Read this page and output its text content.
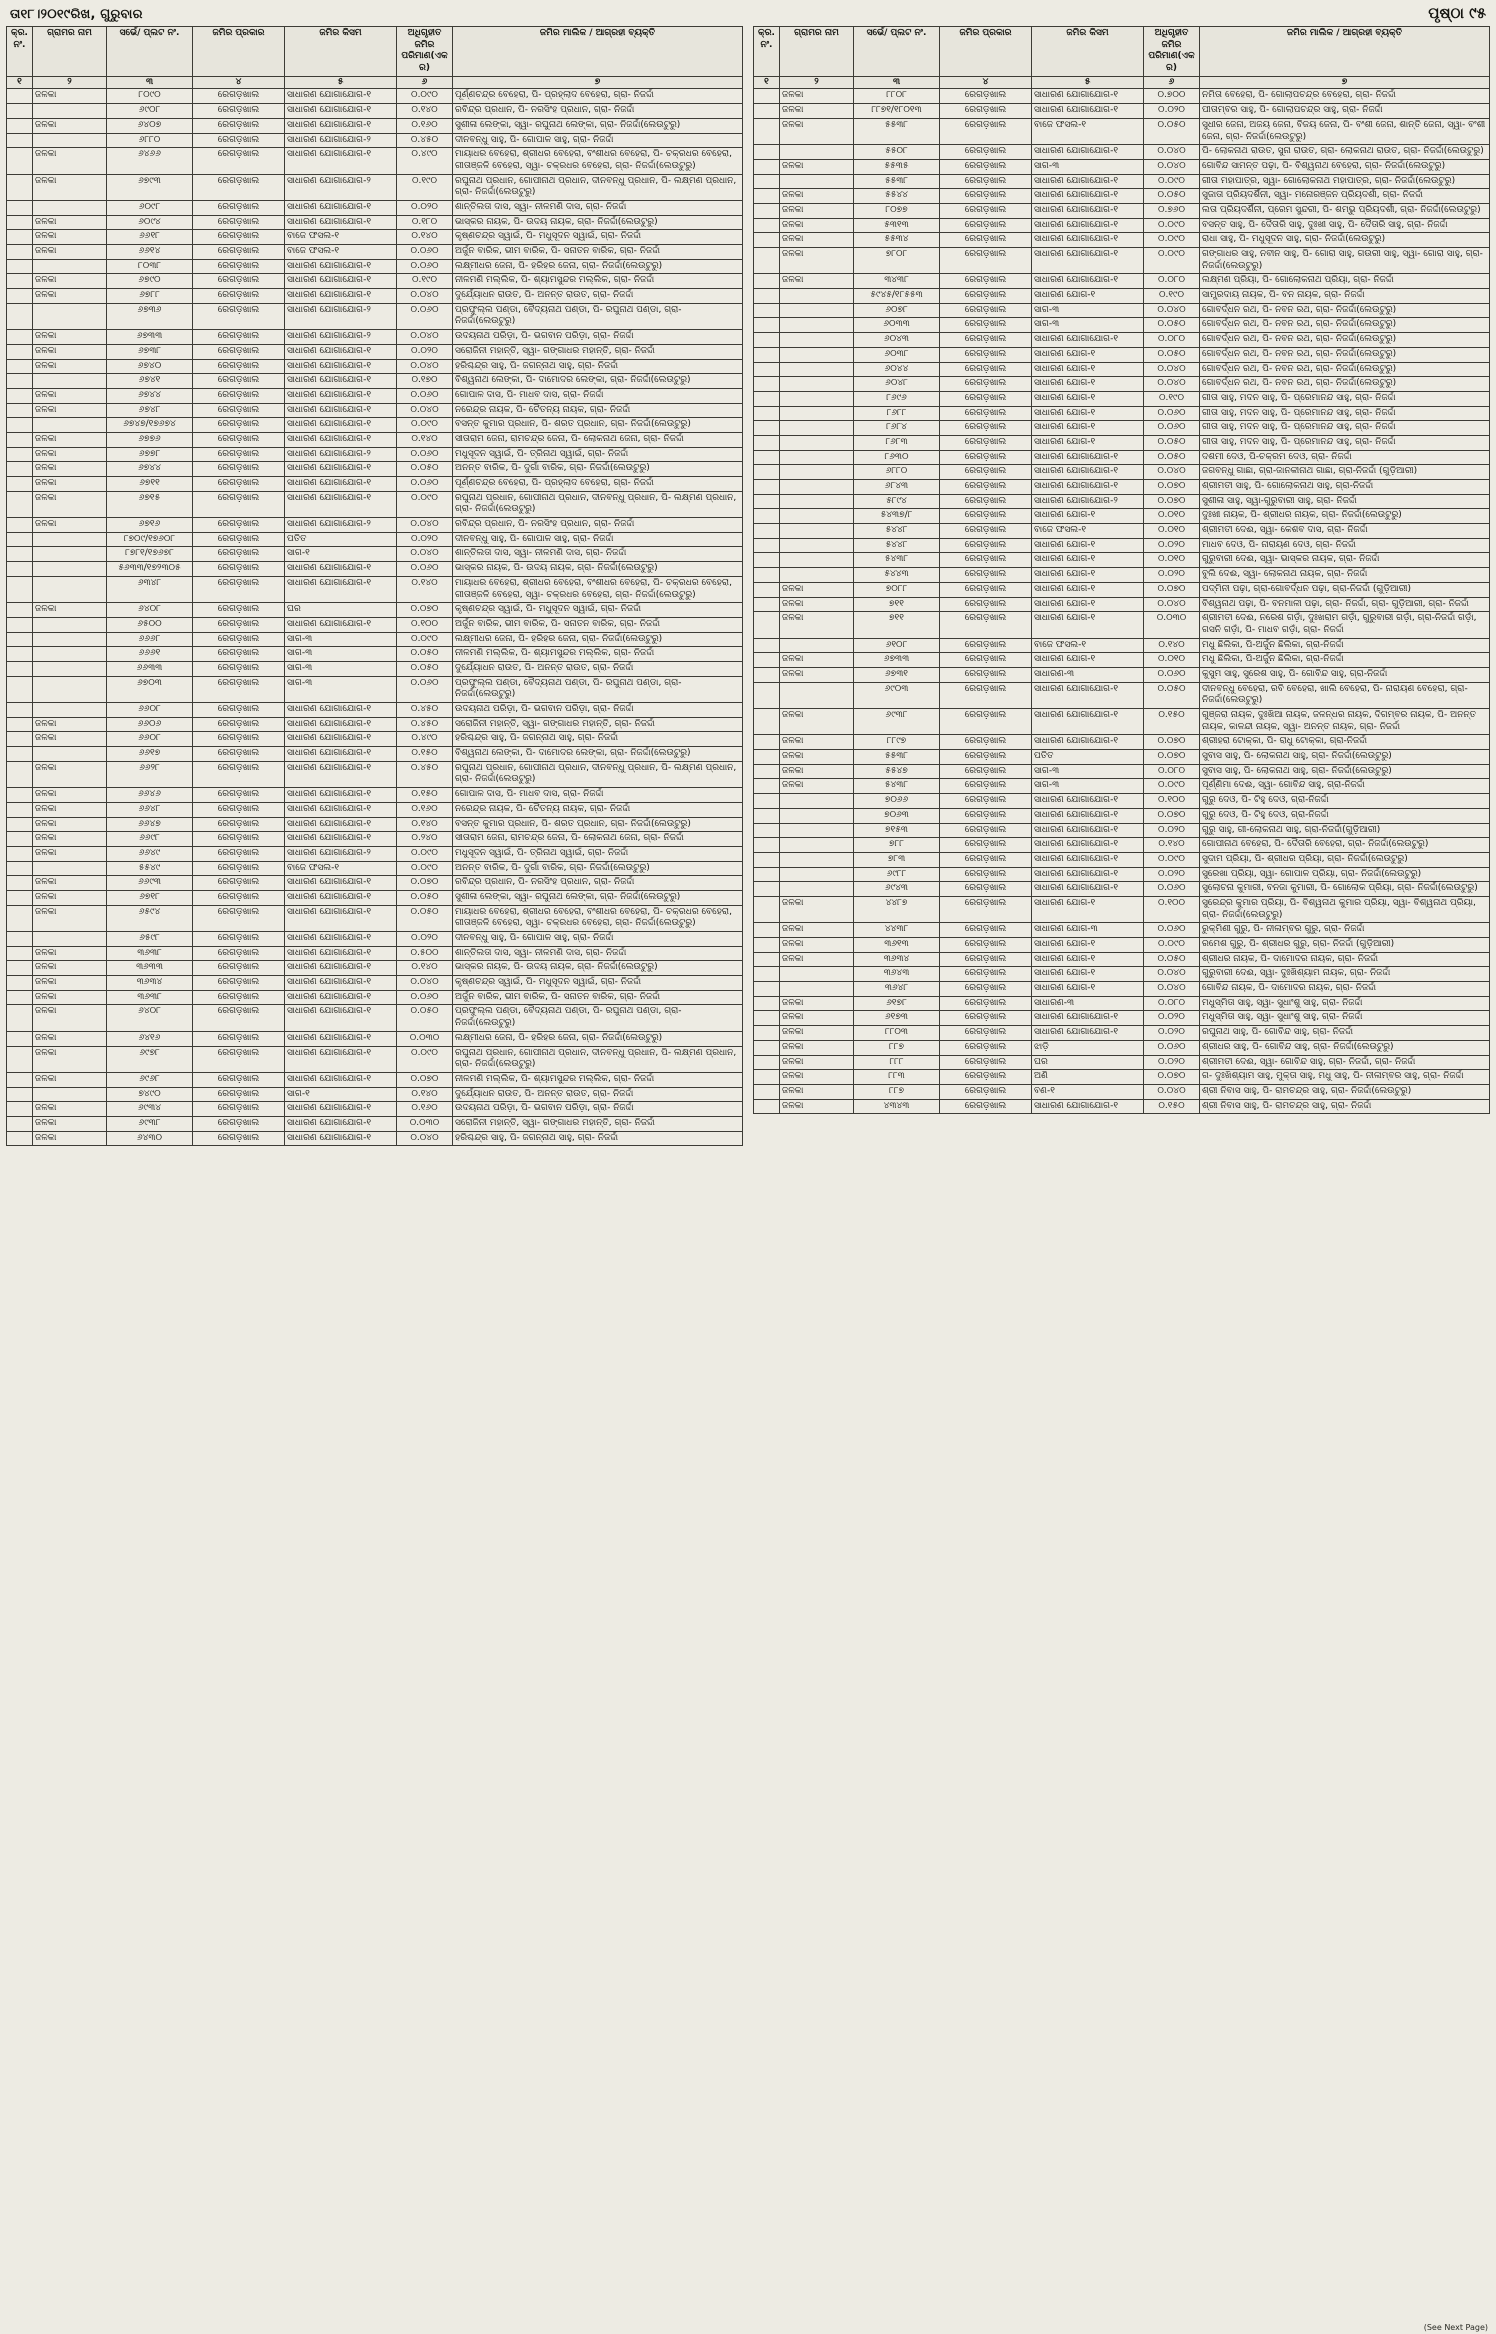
ତା୧୮।୨୦୧୯ରିଖ, ଗୁରୁବାର	ପୃଷ୍ଠା ୯୫
କ୍ର. ନଂ.	ଗ୍ରାମର ନାମ	ସର୍ଭେ/ ପ୍ଲଟ ନଂ.	ଜମିର ପ୍ରକାର	ଜମିର କିସମ	ଅଧିଗୃହୀତ ଜମିର ପରିମାଣ(ଏକର)	ଜମିର ମାଲିକ / ଆଗ୍ରହୀ ବ୍ୟକ୍ତି
୧	୨	୩	୪	୫	୬	୭
	ଜଳକା	୮୦୯୦	ରେଗଡ଼ଖାଲ	ସାଧାରଣ ଯୋଗାଯୋଗ-୧	୦.୦୯୦	ପୂର୍ଣ୍ଣଚନ୍ଦ୍ର ବେହେରା, ପି- ପ୍ରହ୍ଲାଦ ବେହେରା, ଗ୍ରା- ନିଜର୍ଦ୍ଦା
		୬୯୦୮	ରେଗଡ଼ଖାଲ	ସାଧାରଣ ଯୋଗାଯୋଗ-୧	୦.୧୪୦	ରବିନ୍ଦ୍ର ପ୍ରଧାନ, ପି- ନରସିଂହ ପ୍ରଧାନ, ଗ୍ରା- ନିଜର୍ଦ୍ଦା
	ଜଳକା	୬୪୦୭	ରେଗଡ଼ଖାଲ	ସାଧାରଣ ଯୋଗାଯୋଗ-୧	୦.୧୬୦	ସୁଶୀଳା ଲେଙ୍କା, ସ୍ୱା- ରଘୁନାଥ ଲେଙ୍କା, ଗ୍ରା- ନିଜର୍ଦ୍ଦା(ଲେଉଟୁରୁ)
		୬୮୮୦	ରେଗଡ଼ଖାଲ	ସାଧାରଣ ଯୋଗାଯୋଗ-୨	୦.୪୫୦	ଦୀନବନ୍ଧୁ ସାହୁ, ପି- ଗୋପାଳ ସାହୁ, ଗ୍ରା- ନିଜର୍ଦ୍ଦା
	ଜଳକା	୬୪୬୬	ରେଗଡ଼ଖାଲ	ସାଧାରଣ ଯୋଗାଯୋଗ-୧	୦.୪୯୦	ମାୟାଧର ବେହେରା, ଶ୍ରୀଧର ବେହେରା, ବଂଶୀଧର ବେହେରା, ପି- ଚକ୍ରଧର ବେହେରା, ଗୀତାଞ୍ଜଳି ବେହେରା, ସ୍ୱା- ଚକ୍ରଧର ବେହେରା, ଗ୍ରା- ନିଜର୍ଦ୍ଦା(ଲେଉଟୁରୁ)
	ଜଳକା	୬୭୯୩	ରେଗଡ଼ଖାଲ	ସାଧାରଣ ଯୋଗାଯୋଗ-୨	୦.୧୯୦	ରଘୁନାଥ ପ୍ରଧାନ, ଗୋପୀନାଥ ପ୍ରଧାନ, ଦୀନବନ୍ଧୁ ପ୍ରଧାନ, ପି- ଲକ୍ଷ୍ମଣ ପ୍ରଧାନ, ଗ୍ରା- ନିଜର୍ଦ୍ଦା(ଲେଉଟୁରୁ)
		୬୦୯୮	ରେଗଡ଼ଖାଲ	ସାଧାରଣ ଯୋଗାଯୋଗ-୧	୦.୦୨୦	ଶାନ୍ତିଲତା ଦାସ, ସ୍ୱା- ନୀଳମଣି ଦାସ, ଗ୍ରା- ନିଜର୍ଦ୍ଦା
	ଜଳକା	୬୦୯୪	ରେଗଡ଼ଖାଲ	ସାଧାରଣ ଯୋଗାଯୋଗ-୧	୦.୧୮୦	ଭାସ୍କର ନାୟକ, ପି- ଉଦୟ ନାୟକ, ଗ୍ରା- ନିଜର୍ଦ୍ଦା(ଲେଉଟୁରୁ)
	ଜଳକା	୬୬୧୮	ରେଗଡ଼ଖାଲ	ବାଜେ ଫସଲ-୧	୦.୧୪୦	କୃଷ୍ଣଚନ୍ଦ୍ର ସ୍ୱାଇଁ, ପି- ମଧୁସୂଦନ ସ୍ୱାଇଁ, ଗ୍ରା- ନିଜର୍ଦ୍ଦା
	ଜଳକା	୬୬୧୪	ରେଗଡ଼ଖାଲ	ବାଜେ ଫସଲ-୧	୦.୦୬୦	ଅର୍ଜୁନ ବାରିକ, ଭୀମ ବାରିକ, ପି- ସନାତନ ବାରିକ, ଗ୍ରା- ନିଜର୍ଦ୍ଦା
		୮୦୩୮	ରେଗଡ଼ଖାଲ	ସାଧାରଣ ଯୋଗାଯୋଗ-୧	୦.୦୬୦	ଲକ୍ଷ୍ମୀଧର ଜେନା, ପି- ହରିହର ଜେନା, ଗ୍ରା- ନିଜର୍ଦ୍ଦା(ଲେଉଟୁରୁ)
	ଜଳକା	୬୭୯୦	ରେଗଡ଼ଖାଲ	ସାଧାରଣ ଯୋଗାଯୋଗ-୧	୦.୧୯୦	ନୀଳମଣି ମଲ୍ଲିକ, ପି- ଶ୍ୟାମସୁନ୍ଦର ମଲ୍ଲିକ, ଗ୍ରା- ନିଜର୍ଦ୍ଦା
	ଜଳକା	୬୭୮୮	ରେଗଡ଼ଖାଲ	ସାଧାରଣ ଯୋଗାଯୋଗ-୧	୦.୦୪୦	ଦୁର୍ଯ୍ୟୋଧନ ରାଉତ, ପି- ଅନନ୍ତ ରାଉତ, ଗ୍ରା- ନିଜର୍ଦ୍ଦା
		୬୭୩୬	ରେଗଡ଼ଖାଲ	ସାଧାରଣ ଯୋଗାଯୋଗ-୨	୦.୦୬୦	ପ୍ରଫୁଲ୍ଲ ପଣ୍ଡା, ବୈଦ୍ୟନାଥ ପଣ୍ଡା, ପି- ରଘୁନାଥ ପଣ୍ଡା, ଗ୍ରା- ନିଜର୍ଦ୍ଦା(ଲେଉଟୁରୁ)
	ଜଳକା	୬୭୩୩	ରେଗଡ଼ଖାଲ	ସାଧାରଣ ଯୋଗାଯୋଗ-୨	୦.୦୪୦	ଉଦୟନାଥ ପରିଡ଼ା, ପି- ଭଗବାନ ପରିଡ଼ା, ଗ୍ରା- ନିଜର୍ଦ୍ଦା
	ଜଳକା	୬୭୩୮	ରେଗଡ଼ଖାଲ	ସାଧାରଣ ଯୋଗାଯୋଗ-୧	୦.୦୨୦	ସରୋଜିନୀ ମହାନ୍ତି, ସ୍ୱା- ଗଙ୍ଗାଧର ମହାନ୍ତି, ଗ୍ରା- ନିଜର୍ଦ୍ଦା
	ଜଳକା	୬୭୪୦	ରେଗଡ଼ଖାଲ	ସାଧାରଣ ଯୋଗାଯୋଗ-୧	୦.୦୪୦	ହରିଶ୍ଚନ୍ଦ୍ର ସାହୁ, ପି- ଜଗନ୍ନାଥ ସାହୁ, ଗ୍ରା- ନିଜର୍ଦ୍ଦା
		୬୭୪୧	ରେଗଡ଼ଖାଲ	ସାଧାରଣ ଯୋଗାଯୋଗ-୧	୦.୧୭୦	ବିଶ୍ୱନାଥ ଲେଙ୍କା, ପି- ଦାମୋଦର ଲେଙ୍କା, ଗ୍ରା- ନିଜର୍ଦ୍ଦା(ଲେଉଟୁରୁ)
	ଜଳକା	୬୭୪୪	ରେଗଡ଼ଖାଲ	ସାଧାରଣ ଯୋଗାଯୋଗ-୧	୦.୦୬୦	ଗୋପାଳ ଦାସ, ପି- ମାଧବ ଦାସ, ଗ୍ରା- ନିଜର୍ଦ୍ଦା
	ଜଳକା	୬୭୪୮	ରେଗଡ଼ଖାଲ	ସାଧାରଣ ଯୋଗାଯୋଗ-୧	୦.୦୪୦	ନରେନ୍ଦ୍ର ନାୟକ, ପି- ଚୈତନ୍ୟ ନାୟକ, ଗ୍ରା- ନିଜର୍ଦ୍ଦା
		୬୭୪୭/୧୭୬୭୪	ରେଗଡ଼ଖାଲ	ସାଧାରଣ ଯୋଗାଯୋଗ-୧	୦.୦୯୦	ବସନ୍ତ କୁମାର ପ୍ରଧାନ, ପି- ଶରତ ପ୍ରଧାନ, ଗ୍ରା- ନିଜର୍ଦ୍ଦା(ଲେଉଟୁରୁ)
	ଜଳକା	୬୭୭୬	ରେଗଡ଼ଖାଲ	ସାଧାରଣ ଯୋଗାଯୋଗ-୧	୦.୧୪୦	ସୀତାରାମ ଜେନା, ରାମଚନ୍ଦ୍ର ଜେନା, ପି- ଲୋକନାଥ ଜେନା, ଗ୍ରା- ନିଜର୍ଦ୍ଦା
	ଜଳକା	୬୭୭୮	ରେଗଡ଼ଖାଲ	ସାଧାରଣ ଯୋଗାଯୋଗ-୨	୦.୦୬୦	ମଧୁସୂଦନ ସ୍ୱାଇଁ, ପି- ତ୍ରିନାଥ ସ୍ୱାଇଁ, ଗ୍ରା- ନିଜର୍ଦ୍ଦା
	ଜଳକା	୬୭୪୪	ରେଗଡ଼ଖାଲ	ସାଧାରଣ ଯୋଗାଯୋଗ-୧	୦.୦୫୦	ଅନନ୍ତ ବାରିକ, ପି- ଦୁର୍ଗା ବାରିକ, ଗ୍ରା- ନିଜର୍ଦ୍ଦା(ଲେଉଟୁରୁ)
	ଜଳକା	୬୭୧୧	ରେଗଡ଼ଖାଲ	ସାଧାରଣ ଯୋଗାଯୋଗ-୧	୦.୦୬୦	ପୂର୍ଣ୍ଣଚନ୍ଦ୍ର ବେହେରା, ପି- ପ୍ରହ୍ଲାଦ ବେହେରା, ଗ୍ରା- ନିଜର୍ଦ୍ଦା
	ଜଳକା	୬୭୧୫	ରେଗଡ଼ଖାଲ	ସାଧାରଣ ଯୋଗାଯୋଗ-୧	୦.୦୯୦	ରଘୁନାଥ ପ୍ରଧାନ, ଗୋପୀନାଥ ପ୍ରଧାନ, ଦୀନବନ୍ଧୁ ପ୍ରଧାନ, ପି- ଲକ୍ଷ୍ମଣ ପ୍ରଧାନ, ଗ୍ରା- ନିଜର୍ଦ୍ଦା(ଲେଉଟୁରୁ)
	ଜଳକା	୬୭୧୬	ରେଗଡ଼ଖାଲ	ସାଧାରଣ ଯୋଗାଯୋଗ-୨	୦.୦୪୦	ରବିନ୍ଦ୍ର ପ୍ରଧାନ, ପି- ନରସିଂହ ପ୍ରଧାନ, ଗ୍ରା- ନିଜର୍ଦ୍ଦା
		୮୭୦୯/୧୭୬୦୮	ରେଗଡ଼ଖାଲ	ପତିତ	୦.୦୨୦	ଦୀନବନ୍ଧୁ ସାହୁ, ପି- ଗୋପାଳ ସାହୁ, ଗ୍ରା- ନିଜର୍ଦ୍ଦା
		୮୭୮୧/୧୭୬୭୮	ରେଗଡ଼ଖାଲ	ସାଗ-୧	୦.୦୪୦	ଶାନ୍ତିଲତା ଦାସ, ସ୍ୱା- ନୀଳମଣି ଦାସ, ଗ୍ରା- ନିଜର୍ଦ୍ଦା
		୫୬୩୩/୧୭୨୩୦୫	ରେଗଡ଼ଖାଲ	ସାଧାରଣ ଯୋଗାଯୋଗ-୧	୦.୦୬୦	ଭାସ୍କର ନାୟକ, ପି- ଉଦୟ ନାୟକ, ଗ୍ରା- ନିଜର୍ଦ୍ଦା(ଲେଉଟୁରୁ)
		୬୩୪୮	ରେଗଡ଼ଖାଲ	ସାଧାରଣ ଯୋଗାଯୋଗ-୧	୦.୧୪୦	ମାୟାଧର ବେହେରା, ଶ୍ରୀଧର ବେହେରା, ବଂଶୀଧର ବେହେରା, ପି- ଚକ୍ରଧର ବେହେରା, ଗୀତାଞ୍ଜଳି ବେହେରା, ସ୍ୱା- ଚକ୍ରଧର ବେହେରା, ଗ୍ରା- ନିଜର୍ଦ୍ଦା(ଲେଉଟୁରୁ)
	ଜଳକା	୬୪୦୮	ରେଗଡ଼ଖାଲ	ଘର	୦.୦୭୦	କୃଷ୍ଣଚନ୍ଦ୍ର ସ୍ୱାଇଁ, ପି- ମଧୁସୂଦନ ସ୍ୱାଇଁ, ଗ୍ରା- ନିଜର୍ଦ୍ଦା
		୬୫୦୦	ରେଗଡ଼ଖାଲ	ସାଧାରଣ ଯୋଗାଯୋଗ-୧	୦.୧୦୦	ଅର୍ଜୁନ ବାରିକ, ଭୀମ ବାରିକ, ପି- ସନାତନ ବାରିକ, ଗ୍ରା- ନିଜର୍ଦ୍ଦା
		୬୬୬୮	ରେଗଡ଼ଖାଲ	ସାଗ-୩	୦.୦୯୦	ଲକ୍ଷ୍ମୀଧର ଜେନା, ପି- ହରିହର ଜେନା, ଗ୍ରା- ନିଜର୍ଦ୍ଦା(ଲେଉଟୁରୁ)
		୬୬୬୧	ରେଗଡ଼ଖାଲ	ସାଗ-୩	୦.୦୫୦	ନୀଳମଣି ମଲ୍ଲିକ, ପି- ଶ୍ୟାମସୁନ୍ଦର ମଲ୍ଲିକ, ଗ୍ରା- ନିଜର୍ଦ୍ଦା
		୬୬୩୩	ରେଗଡ଼ଖାଲ	ସାଗ-୩	୦.୦୫୦	ଦୁର୍ଯ୍ୟୋଧନ ରାଉତ, ପି- ଅନନ୍ତ ରାଉତ, ଗ୍ରା- ନିଜର୍ଦ୍ଦା
		୬୭୦୩	ରେଗଡ଼ଖାଲ	ସାଗ-୩	୦.୦୬୦	ପ୍ରଫୁଲ୍ଲ ପଣ୍ଡା, ବୈଦ୍ୟନାଥ ପଣ୍ଡା, ପି- ରଘୁନାଥ ପଣ୍ଡା, ଗ୍ରା- ନିଜର୍ଦ୍ଦା(ଲେଉଟୁରୁ)
		୬୬୦୮	ରେଗଡ଼ଖାଲ	ସାଧାରଣ ଯୋଗାଯୋଗ-୧	୦.୪୫୦	ଉଦୟନାଥ ପରିଡ଼ା, ପି- ଭଗବାନ ପରିଡ଼ା, ଗ୍ରା- ନିଜର୍ଦ୍ଦା
	ଜଳକା	୬୬୦୬	ରେଗଡ଼ଖାଲ	ସାଧାରଣ ଯୋଗାଯୋଗ-୧	୦.୪୫୦	ସରୋଜିନୀ ମହାନ୍ତି, ସ୍ୱା- ଗଙ୍ଗାଧର ମହାନ୍ତି, ଗ୍ରା- ନିଜର୍ଦ୍ଦା
	ଜଳକା	୬୬୦୮	ରେଗଡ଼ଖାଲ	ସାଧାରଣ ଯୋଗାଯୋଗ-୧	୦.୪୯୦	ହରିଶ୍ଚନ୍ଦ୍ର ସାହୁ, ପି- ଜଗନ୍ନାଥ ସାହୁ, ଗ୍ରା- ନିଜର୍ଦ୍ଦା
		୬୬୧୭	ରେଗଡ଼ଖାଲ	ସାଧାରଣ ଯୋଗାଯୋଗ-୧	୦.୧୫୦	ବିଶ୍ୱନାଥ ଲେଙ୍କା, ପି- ଦାମୋଦର ଲେଙ୍କା, ଗ୍ରା- ନିଜର୍ଦ୍ଦା(ଲେଉଟୁରୁ)
	ଜଳକା	୬୬୨୮	ରେଗଡ଼ଖାଲ	ସାଧାରଣ ଯୋଗାଯୋଗ-୧	୦.୪୫୦	ରଘୁନାଥ ପ୍ରଧାନ, ଗୋପୀନାଥ ପ୍ରଧାନ, ଦୀନବନ୍ଧୁ ପ୍ରଧାନ, ପି- ଲକ୍ଷ୍ମଣ ପ୍ରଧାନ, ଗ୍ରା- ନିଜର୍ଦ୍ଦା(ଲେଉଟୁରୁ)
	ଜଳକା	୬୬୪୬	ରେଗଡ଼ଖାଲ	ସାଧାରଣ ଯୋଗାଯୋଗ-୧	୦.୧୫୦	ଗୋପାଳ ଦାସ, ପି- ମାଧବ ଦାସ, ଗ୍ରା- ନିଜର୍ଦ୍ଦା
	ଜଳକା	୬୬୪୮	ରେଗଡ଼ଖାଲ	ସାଧାରଣ ଯୋଗାଯୋଗ-୧	୦.୧୬୦	ନରେନ୍ଦ୍ର ନାୟକ, ପି- ଚୈତନ୍ୟ ନାୟକ, ଗ୍ରା- ନିଜର୍ଦ୍ଦା
	ଜଳକା	୬୬୪୭	ରେଗଡ଼ଖାଲ	ସାଧାରଣ ଯୋଗାଯୋଗ-୧	୦.୧୪୦	ବସନ୍ତ କୁମାର ପ୍ରଧାନ, ପି- ଶରତ ପ୍ରଧାନ, ଗ୍ରା- ନିଜର୍ଦ୍ଦା(ଲେଉଟୁରୁ)
	ଜଳକା	୬୬୯୮	ରେଗଡ଼ଖାଲ	ସାଧାରଣ ଯୋଗାଯୋଗ-୧	୦.୨୪୦	ସୀତାରାମ ଜେନା, ରାମଚନ୍ଦ୍ର ଜେନା, ପି- ଲୋକନାଥ ଜେନା, ଗ୍ରା- ନିଜର୍ଦ୍ଦା
	ଜଳକା	୬୬୪୯	ରେଗଡ଼ଖାଲ	ସାଧାରଣ ଯୋଗାଯୋଗ-୨	୦.୦୯୦	ମଧୁସୂଦନ ସ୍ୱାଇଁ, ପି- ତ୍ରିନାଥ ସ୍ୱାଇଁ, ଗ୍ରା- ନିଜର୍ଦ୍ଦା
		୫୫୪୯	ରେଗଡ଼ଖାଲ	ବାଜେ ଫସଲ-୧	୦.୦୯୦	ଅନନ୍ତ ବାରିକ, ପି- ଦୁର୍ଗା ବାରିକ, ଗ୍ରା- ନିଜର୍ଦ୍ଦା(ଲେଉଟୁରୁ)
	ଜଳକା	୬୬୯୩	ରେଗଡ଼ଖାଲ	ସାଧାରଣ ଯୋଗାଯୋଗ-୧	୦.୦୭୦	ରବିନ୍ଦ୍ର ପ୍ରଧାନ, ପି- ନରସିଂହ ପ୍ରଧାନ, ଗ୍ରା- ନିଜର୍ଦ୍ଦା
	ଜଳକା	୬୭୧୮	ରେଗଡ଼ଖାଲ	ସାଧାରଣ ଯୋଗାଯୋଗ-୧	୦.୦୫୦	ସୁଶୀଳା ଲେଙ୍କା, ସ୍ୱା- ରଘୁନାଥ ଲେଙ୍କା, ଗ୍ରା- ନିଜର୍ଦ୍ଦା(ଲେଉଟୁରୁ)
	ଜଳକା	୬୫୯୪	ରେଗଡ଼ଖାଲ	ସାଧାରଣ ଯୋଗାଯୋଗ-୧	୦.୦୫୦	ମାୟାଧର ବେହେରା, ଶ୍ରୀଧର ବେହେରା, ବଂଶୀଧର ବେହେରା, ପି- ଚକ୍ରଧର ବେହେରା, ଗୀତାଞ୍ଜଳି ବେହେରା, ସ୍ୱା- ଚକ୍ରଧର ବେହେରା, ଗ୍ରା- ନିଜର୍ଦ୍ଦା(ଲେଉଟୁରୁ)
		୬୫୯୮	ରେଗଡ଼ଖାଲ	ସାଧାରଣ ଯୋଗାଯୋଗ-୧	୦.୦୨୦	ଦୀନବନ୍ଧୁ ସାହୁ, ପି- ଗୋପାଳ ସାହୁ, ଗ୍ରା- ନିଜର୍ଦ୍ଦା
	ଜଳକା	୩୬୩୮	ରେଗଡ଼ଖାଲ	ସାଧାରଣ ଯୋଗାଯୋଗ-୧	୦.୫୦୦	ଶାନ୍ତିଲତା ଦାସ, ସ୍ୱା- ନୀଳମଣି ଦାସ, ଗ୍ରା- ନିଜର୍ଦ୍ଦା
	ଜଳକା	୩୬୩୩	ରେଗଡ଼ଖାଲ	ସାଧାରଣ ଯୋଗାଯୋଗ-୧	୦.୧୪୦	ଭାସ୍କର ନାୟକ, ପି- ଉଦୟ ନାୟକ, ଗ୍ରା- ନିଜର୍ଦ୍ଦା(ଲେଉଟୁରୁ)
	ଜଳକା	୩୬୩୪	ରେଗଡ଼ଖାଲ	ସାଧାରଣ ଯୋଗାଯୋଗ-୧	୦.୦୪୦	କୃଷ୍ଣଚନ୍ଦ୍ର ସ୍ୱାଇଁ, ପି- ମଧୁସୂଦନ ସ୍ୱାଇଁ, ଗ୍ରା- ନିଜର୍ଦ୍ଦା
	ଜଳକା	୩୬୩୮	ରେଗଡ଼ଖାଲ	ସାଧାରଣ ଯୋଗାଯୋଗ-୧	୦.୦୬୦	ଅର୍ଜୁନ ବାରିକ, ଭୀମ ବାରିକ, ପି- ସନାତନ ବାରିକ, ଗ୍ରା- ନିଜର୍ଦ୍ଦା
	ଜଳକା	୬୪୦୮	ରେଗଡ଼ଖାଲ	ସାଧାରଣ ଯୋଗାଯୋଗ-୧	୦.୦୫୦	ପ୍ରଫୁଲ୍ଲ ପଣ୍ଡା, ବୈଦ୍ୟନାଥ ପଣ୍ଡା, ପି- ରଘୁନାଥ ପଣ୍ଡା, ଗ୍ରା- ନିଜର୍ଦ୍ଦା(ଲେଉଟୁରୁ)
	ଜଳକା	୬୪୧୬	ରେଗଡ଼ଖାଲ	ସାଧାରଣ ଯୋଗାଯୋଗ-୧	୦.୦୩୦	ଲକ୍ଷ୍ମୀଧର ଜେନା, ପି- ହରିହର ଜେନା, ଗ୍ରା- ନିଜର୍ଦ୍ଦା(ଲେଉଟୁରୁ)
	ଜଳକା	୬୯୭୮	ରେଗଡ଼ଖାଲ	ସାଧାରଣ ଯୋଗାଯୋଗ-୧	୦.୦୯୦	ରଘୁନାଥ ପ୍ରଧାନ, ଗୋପୀନାଥ ପ୍ରଧାନ, ଦୀନବନ୍ଧୁ ପ୍ରଧାନ, ପି- ଲକ୍ଷ୍ମଣ ପ୍ରଧାନ, ଗ୍ରା- ନିଜର୍ଦ୍ଦା(ଲେଉଟୁରୁ)
	ଜଳକା	୬୯୬୮	ରେଗଡ଼ଖାଲ	ସାଧାରଣ ଯୋଗାଯୋଗ-୧	୦.୦୭୦	ନୀଳମଣି ମଲ୍ଲିକ, ପି- ଶ୍ୟାମସୁନ୍ଦର ମଲ୍ଲିକ, ଗ୍ରା- ନିଜର୍ଦ୍ଦା
		୭୪୯୦	ରେଗଡ଼ଖାଲ	ସାଗ-୧	୦.୧୪୦	ଦୁର୍ଯ୍ୟୋଧନ ରାଉତ, ପି- ଅନନ୍ତ ରାଉତ, ଗ୍ରା- ନିଜର୍ଦ୍ଦା
	ଜଳକା	୬୯୩୪	ରେଗଡ଼ଖାଲ	ସାଧାରଣ ଯୋଗାଯୋଗ-୧	୦.୧୬୦	ଉଦୟନାଥ ପରିଡ଼ା, ପି- ଭଗବାନ ପରିଡ଼ା, ଗ୍ରା- ନିଜର୍ଦ୍ଦା
	ଜଳକା	୬୯୩୮	ରେଗଡ଼ଖାଲ	ସାଧାରଣ ଯୋଗାଯୋଗ-୧	୦.୦୩୦	ସରୋଜିନୀ ମହାନ୍ତି, ସ୍ୱା- ଗଙ୍ଗାଧର ମହାନ୍ତି, ଗ୍ରା- ନିଜର୍ଦ୍ଦା
	ଜଳକା	୬୪୩୦	ରେଗଡ଼ଖାଲ	ସାଧାରଣ ଯୋଗାଯୋଗ-୧	୦.୦୪୦	ହରିଶ୍ଚନ୍ଦ୍ର ସାହୁ, ପି- ଜଗନ୍ନାଥ ସାହୁ, ଗ୍ରା- ନିଜର୍ଦ୍ଦା
କ୍ର. ନଂ.	ଗ୍ରାମର ନାମ	ସର୍ଭେ/ ପ୍ଲଟ ନଂ.	ଜମିର ପ୍ରକାର	ଜମିର କିସମ	ଅଧିଗୃହୀତ ଜମିର ପରିମାଣ(ଏକର)	ଜମିର ମାଲିକ / ଆଗ୍ରହୀ ବ୍ୟକ୍ତି
୧	୨	୩	୪	୫	୬	୭
	ଜଳକା	୮୮୦୮	ରେଗଡ଼ଖାଲ	ସାଧାରଣ ଯୋଗାଯୋଗ-୧	୦.୭୦୦	ନମିତା ବେହେରା, ପି- ଗୋଲାପଚନ୍ଦ୍ର ବେହେରା, ଗ୍ରା- ନିଜର୍ଦ୍ଦା
	ଜଳକା	୮୮୭୧/୧୮୦୧୩	ରେଗଡ଼ଖାଲ	ସାଧାରଣ ଯୋଗାଯୋଗ-୧	୦.୦୨୦	ପୀତାମ୍ବର ସାହୁ, ପି- ଗୋଲାପଚନ୍ଦ୍ର ସାହୁ, ଗ୍ରା- ନିଜର୍ଦ୍ଦା
	ଜଳକା	୫୫୩୮	ରେଗଡ଼ଖାଲ	ବାଜେ ଫସଲ-୧	୦.୦୫୦	ସୁଧୀର ଜେନା, ଅଜୟ ଜେନା, ବିଜୟ ଜେନା, ପି- ବଂଶୀ ଜେନା, ଶାନ୍ତି ଜେନା, ସ୍ୱା- ବଂଶୀ ଜେନା, ଗ୍ରା- ନିଜର୍ଦ୍ଦା(ଲେଉଟୁରୁ)
		୫୫୦୮	ରେଗଡ଼ଖାଲ	ସାଧାରଣ ଯୋଗାଯୋଗ-୧	୦.୦୪୦	ପି- ଲୋକନାଥ ରାଉତ, ସୁନା ରାଉତ, ଗ୍ରା- ଲୋକନାଥ ରାଉତ, ଗ୍ରା- ନିଜର୍ଦ୍ଦା(ଲେଉଟୁରୁ)
	ଜଳକା	୫୫୩୫	ରେଗଡ଼ଖାଲ	ସାଗ-୩	୦.୦୪୦	ଗୋବିନ୍ଦ ସାମନ୍ତ ପଢ଼ା, ପି- ବିଶ୍ୱନାଥ ବେହେରା, ଗ୍ରା- ନିଜର୍ଦ୍ଦା(ଲେଉଟୁରୁ)
		୫୫୩୮	ରେଗଡ଼ଖାଲ	ସାଧାରଣ ଯୋଗାଯୋଗ-୧	୦.୦୯୦	ଗୀତା ମହାପାତ୍ର, ସ୍ୱା- ଗୋଲୋକନାଥ ମହାପାତ୍ର, ଗ୍ରା- ନିଜର୍ଦ୍ଦା(ଲେଉଟୁରୁ)
	ଜଳକା	୫୫୪୪	ରେଗଡ଼ଖାଲ	ସାଧାରଣ ଯୋଗାଯୋଗ-୧	୦.୦୫୦	ସୁଜାତା ପ୍ରିୟଦର୍ଶିନୀ, ସ୍ୱା- ମନୋରଞ୍ଜନ ପ୍ରିୟଦର୍ଶୀ, ଗ୍ରା- ନିଜର୍ଦ୍ଦା
	ଜଳକା	୮୦୭୭	ରେଗଡ଼ଖାଲ	ସାଧାରଣ ଯୋଗାଯୋଗ-୧	୦.୭୬୦	ଲତା ପ୍ରିୟଦର୍ଶିନୀ, ପ୍ରେମ ସୁନ୍ଦରୀ, ପି- ଶମ୍ଭୁ ପ୍ରିୟଦର୍ଶୀ, ଗ୍ରା- ନିଜର୍ଦ୍ଦା(ଲେଉଟୁରୁ)
	ଜଳକା	୫୩୧୩	ରେଗଡ଼ଖାଲ	ସାଧାରଣ ଯୋଗାଯୋଗ-୧	୦.୦୯୦	ବସନ୍ତ ସାହୁ, ପି- ଦୈତାରି ସାହୁ, ଦୁଃଖୀ ସାହୁ, ପି- ଦୈତାରି ସାହୁ, ଗ୍ରା- ନିଜର୍ଦ୍ଦା
	ଜଳକା	୫୫୩୪	ରେଗଡ଼ଖାଲ	ସାଧାରଣ ଯୋଗାଯୋଗ-୧	୦.୦୯୦	ରାଧା ସାହୁ, ପି- ମଧୁସୂଦନ ସାହୁ, ଗ୍ରା- ନିଜର୍ଦ୍ଦା(ଲେଉଟୁରୁ)
	ଜଳକା	୭୮୦୮	ରେଗଡ଼ଖାଲ	ସାଧାରଣ ଯୋଗାଯୋଗ-୧	୦.୦୯୦	ଗଙ୍ଗାଧର ସାହୁ, ନବୀନ ସାହୁ, ପି- ଗୋରା ସାହୁ, ଗଉରୀ ସାହୁ, ସ୍ୱା- ଗୋରା ସାହୁ, ଗ୍ରା- ନିଜର୍ଦ୍ଦା(ଲେଉଟୁରୁ)
	ଜଳକା	୩୪୩୮	ରେଗଡ଼ଖାଲ	ସାଧାରଣ ଯୋଗାଯୋଗ-୧	୦.୦୮୦	ଲକ୍ଷ୍ମଣ ପ୍ରିୟା, ପି- ଗୋଲୋକନାଥ ପ୍ରିୟା, ଗ୍ରା- ନିଜର୍ଦ୍ଦା
		୫୯୪୫/୧୮୫୫୩	ରେଗଡ଼ଖାଲ	ସାଧାରଣ ଯୋଗ-୧	୦.୧୯୦	ସାମ୍ପ୍ରଦାୟ ନାୟକ, ପି- ବନ ନାୟକ, ଗ୍ରା- ନିଜର୍ଦ୍ଦା
		୬୦୭୮	ରେଗଡ଼ଖାଲ	ସାଗ-୩	୦.୦୪୦	ଗୋବର୍ଦ୍ଧନ ରଥ, ପି- ନବନ ରଥ, ଗ୍ରା- ନିଜର୍ଦ୍ଦା(ଲେଉଟୁରୁ)
		୬୦୩୩	ରେଗଡ଼ଖାଲ	ସାଗ-୩	୦.୦୫୦	ଗୋବର୍ଦ୍ଧନ ରଥ, ପି- ନବନ ରଥ, ଗ୍ରା- ନିଜର୍ଦ୍ଦା(ଲେଉଟୁରୁ)
		୬୦୪୩	ରେଗଡ଼ଖାଲ	ସାଧାରଣ ଯୋଗାଯୋଗ-୧	୦.୦୮୦	ଗୋବର୍ଦ୍ଧନ ରଥ, ପି- ନବନ ରଥ, ଗ୍ରା- ନିଜର୍ଦ୍ଦା(ଲେଉଟୁରୁ)
		୬୦୩୮	ରେଗଡ଼ଖାଲ	ସାଧାରଣ ଯୋଗ-୧	୦.୦୫୦	ଗୋବର୍ଦ୍ଧନ ରଥ, ପି- ନବନ ରଥ, ଗ୍ରା- ନିଜର୍ଦ୍ଦା(ଲେଉଟୁରୁ)
		୬୦୪୪	ରେଗଡ଼ଖାଲ	ସାଧାରଣ ଯୋଗ-୧	୦.୦୪୦	ଗୋବର୍ଦ୍ଧନ ରଥ, ପି- ନବନ ରଥ, ଗ୍ରା- ନିଜର୍ଦ୍ଦା(ଲେଉଟୁରୁ)
		୬୦୪୮	ରେଗଡ଼ଖାଲ	ସାଧାରଣ ଯୋଗ-୧	୦.୦୪୦	ଗୋବର୍ଦ୍ଧନ ରଥ, ପି- ନବନ ରଥ, ଗ୍ରା- ନିଜର୍ଦ୍ଦା(ଲେଉଟୁରୁ)
		୮୬୯୬	ରେଗଡ଼ଖାଲ	ସାଧାରଣ ଯୋଗ-୧	୦.୧୯୦	ଗୀତା ସାହୁ, ମଦନ ସାହୁ, ପି- ପ୍ରେମାନନ୍ଦ ସାହୁ, ଗ୍ରା- ନିଜର୍ଦ୍ଦା
		୮୬୮୮	ରେଗଡ଼ଖାଲ	ସାଧାରଣ ଯୋଗ-୧	୦.୦୬୦	ଗୀତା ସାହୁ, ମଦନ ସାହୁ, ପି- ପ୍ରେମାନନ୍ଦ ସାହୁ, ଗ୍ରା- ନିଜର୍ଦ୍ଦା
		୮୬୮୪	ରେଗଡ଼ଖାଲ	ସାଧାରଣ ଯୋଗ-୧	୦.୦୬୦	ଗୀତା ସାହୁ, ମଦନ ସାହୁ, ପି- ପ୍ରେମାନନ୍ଦ ସାହୁ, ଗ୍ରା- ନିଜର୍ଦ୍ଦା
		୮୬୮୩	ରେଗଡ଼ଖାଲ	ସାଧାରଣ ଯୋଗ-୧	୦.୦୫୦	ଗୀତା ସାହୁ, ମଦନ ସାହୁ, ପି- ପ୍ରେମାନନ୍ଦ ସାହୁ, ଗ୍ରା- ନିଜର୍ଦ୍ଦା
		୮୬୩୦	ରେଗଡ଼ଖାଲ	ସାଧାରଣ ଯୋଗାଯୋଗ-୧	୦.୦୫୦	ଦଶମୀ ଦେଓ, ପି-ଚକ୍ରମ ଦେଓ, ଗ୍ରା- ନିଜର୍ଦ୍ଦା
		୬୮୮୦	ରେଗଡ଼ଖାଲ	ସାଧାରଣ ଯୋଗାଯୋଗ-୧	୦.୦୪୦	ଜଗବନ୍ଧୁ ଗାଛା, ଗ୍ରା-ଜାନକୀନାଥ ଗାଛା, ଗ୍ରା-ନିଜର୍ଦ୍ଦା (ଗୁଡ଼ିଆରୀ)
		୬୮୪୩	ରେଗଡ଼ଖାଲ	ସାଧାରଣ ଯୋଗାଯୋଗ-୧	୦.୦୭୦	ଶ୍ରୀମତୀ ସାହୁ, ପି- ଗୋଲୋକନାଥ ସାହୁ, ଗ୍ରା-ନିଜର୍ଦ୍ଦା
		୫୮୯୪	ରେଗଡ଼ଖାଲ	ସାଧାରଣ ଯୋଗାଯୋଗ-୨	୦.୦୭୦	ସୁଶୀଳା ସାହୁ, ସ୍ୱା-ଗୁରୁବାରୀ ସାହୁ, ଗ୍ରା- ନିଜର୍ଦ୍ଦା
		୫୪୩୭/୮	ରେଗଡ଼ଖାଲ	ସାଧାରଣ ଯୋଗ-୧	୦.୦୧୦	ଦୁଃଖୀ ନାୟକ, ପି- ଶ୍ରୀଧର ନାୟକ, ଗ୍ରା- ନିଜର୍ଦ୍ଦା(ଲେଉଟୁରୁ)
		୫୪୪୮	ରେଗଡ଼ଖାଲ	ବାଜେ ଫସଲ-୧	୦.୦୧୦	ଶ୍ରୀମତୀ ଦେଈ, ସ୍ୱା- କେଶବ ଦାସ, ଗ୍ରା- ନିଜର୍ଦ୍ଦା
		୫୪୪୮	ରେଗଡ଼ଖାଲ	ସାଧାରଣ ଯୋଗ-୧	୦.୦୨୦	ମାଧବ ଦେଓ, ପି- ନାରାୟଣ ଦେଓ, ଗ୍ରା- ନିଜର୍ଦ୍ଦା
		୫୪୩୮	ରେଗଡ଼ଖାଲ	ସାଧାରଣ ଯୋଗ-୧	୦.୦୧୦	ଗୁରୁବାରୀ ଦେଈ, ସ୍ୱା- ଭାସ୍କର ନାୟକ, ଗ୍ରା- ନିଜର୍ଦ୍ଦା
		୫୪୪୩	ରେଗଡ଼ଖାଲ	ସାଧାରଣ ଯୋଗ-୧	୦.୦୨୦	ବୁଲି ଦେଈ, ସ୍ୱା- ଲୋକନାଥ ନାୟକ, ଗ୍ରା- ନିଜର୍ଦ୍ଦା
	ଜଳକା	୭୦୮୮	ରେଗଡ଼ଖାଲ	ସାଧାରଣ ଯୋଗ-୧	୦.୦୭୦	ପଦ୍ମିନୀ ପଢ଼ା, ଗ୍ରା-ଗୋବର୍ଦ୍ଧନ ପଢ଼ା, ଗ୍ରା-ନିଜର୍ଦ୍ଦା (ଗୁଡ଼ିଆରୀ)
	ଜଳକା	୭୧୧	ରେଗଡ଼ଖାଲ	ସାଧାରଣ ଯୋଗ-୧	୦.୦୪୦	ବିଶ୍ୱନାଥ ପଢ଼ା, ପି- ବନମାଳୀ ପଢ଼ା, ଗ୍ରା- ନିଜର୍ଦ୍ଦା, ଗ୍ରା- ଗୁଡ଼ିଆରୀ, ଗ୍ରା- ନିଜର୍ଦ୍ଦା
	ଜଳକା	୭୧୧	ରେଗଡ଼ଖାଲ	ସାଧାରଣ ଯୋଗ-୧	୦.୦୩୦	ଶ୍ରୀମତୀ ଦେଈ, ନରେଶ ଗଡ଼ାଁ, ଦୁଃଖରାମ ଗଡ଼ାଁ, ଗୁରୁବାରୀ ଗଡ଼ାଁ, ଗ୍ରା-ନିଜର୍ଦ୍ଦା ଗଡ଼ାଁ, ଗସନି ଗଡ଼ାଁ, ପି- ମାଧବ ଗଡ଼ାଁ, ଗ୍ରା- ନିଜର୍ଦ୍ଦା
		୬୧୦୮	ରେଗଡ଼ଖାଲ	ବାଜେ ଫସଲ-୧	୦.୧୪୦	ମଧୁ ଛିଲିକା, ପି-ଅର୍ଜୁନ ଛିଲିକା, ଗ୍ରା-ନିଜର୍ଦ୍ଦା
	ଜଳକା	୬୭୩୩	ରେଗଡ଼ଖାଲ	ସାଧାରଣ ଯୋଗ-୧	୦.୦୧୦	ମଧୁ ଛିଲିକା, ପି-ଅର୍ଜୁନ ଛିଲିକା, ଗ୍ରା-ନିଜର୍ଦ୍ଦା
	ଜଳକା	୬୭୩୧	ରେଗଡ଼ଖାଲ	ସାଧାରଣ-୩	୦.୦୬୦	କୁସୁମ ସାହୁ, ସୁରେଶ ସାହୁ, ପି- ଗୋବିନ୍ଦ ସାହୁ, ଗ୍ରା-ନିଜର୍ଦ୍ଦା
		୬୯୦୩	ରେଗଡ଼ଖାଲ	ସାଧାରଣ ଯୋଗାଯୋଗ-୧	୦.୦୫୦	ଦୀନବନ୍ଧୁ ବେହେରା, ରବି ବେହେରା, ଖାଲି ବେହେରା, ପି- ନାରାୟଣ ବେହେରା, ଗ୍ରା- ନିଜର୍ଦ୍ଦା(ଲେଉଟୁରୁ)
	ଜଳକା	୬୯୩୮	ରେଗଡ଼ଖାଲ	ସାଧାରଣ ଯୋଗାଯୋଗ-୧	୦.୧୫୦	ଗୁଞ୍ଜରା ନାୟକ, ଦୁଃଖିଆ ନାୟକ, ଜଳନ୍ଧର ନାୟକ, ଦିଗମ୍ବର ନାୟକ, ପି- ଅନନ୍ତ ନାୟକ, କାଳନ୍ଦୀ ନାୟକ, ସ୍ୱା- ଅନନ୍ତ ନାୟକ, ଗ୍ରା- ନିଜର୍ଦ୍ଦା
	ଜଳକା	୮୮୯୭	ରେଗଡ଼ଖାଲ	ସାଧାରଣ ଯୋଗାଯୋଗ-୧	୦.୦୭୦	ଶ୍ରୀହରା ଟୋକ୍କା, ପି- ରାଧୁ ଟୋକ୍କା, ଗ୍ରା-ନିଜର୍ଦ୍ଦା
	ଜଳକା	୫୫୩୮	ରେଗଡ଼ଖାଲ	ପତିତ	୦.୦୭୦	ସୁବାସ ସାହୁ, ପି- ଲୋକନାଥ ସାହୁ, ଗ୍ରା- ନିଜର୍ଦ୍ଦା(ଲେଉଟୁରୁ)
	ଜଳକା	୫୫୪୭	ରେଗଡ଼ଖାଲ	ସାଗ-୩	୦.୦୮୦	ସୁବାସ ସାହୁ, ପି- ଲୋକନାଥ ସାହୁ, ଗ୍ରା- ନିଜର୍ଦ୍ଦା(ଲେଉଟୁରୁ)
	ଜଳକା	୫୪୩୮	ରେଗଡ଼ଖାଲ	ସାଗ-୩	୦.୦୯୦	ପୂର୍ଣ୍ଣିମା ଦେଈ, ସ୍ୱା- ଗୋବିନ୍ଦ ସାହୁ, ଗ୍ରା-ନିଜର୍ଦ୍ଦା
		୭୦୬୬	ରେଗଡ଼ଖାଲ	ସାଧାରଣ ଯୋଗାଯୋଗ-୧	୦.୧୦୦	ଗୁରୁ ଦେଓ, ପି- ଟିହୁ ଦେଓ, ଗ୍ରା-ନିଜର୍ଦ୍ଦା
		୭୦୬୩	ରେଗଡ଼ଖାଲ	ସାଧାରଣ ଯୋଗାଯୋଗ-୧	୦.୦୭୦	ଗୁରୁ ଦେଓ, ପି- ଟିହୁ ଦେଓ, ଗ୍ରା-ନିଜର୍ଦ୍ଦା
		୭୧୫୩	ରେଗଡ଼ଖାଲ	ସାଧାରଣ ଯୋଗାଯୋଗ-୧	୦.୦୨୦	ଗୁରୁ ସାହୁ, ଗୀ-ଲୋକନାଥ ସାହୁ, ଗ୍ରା-ନିଜର୍ଦ୍ଦା(ଗୁଡ଼ିଆରୀ)
		୭୮୮	ରେଗଡ଼ଖାଲ	ସାଧାରଣ ଯୋଗାଯୋଗ-୧	୦.୧୪୦	ଗୋପୀନାଥ ବେହେରା, ପି- ଦୈତାରି ବେହେରା, ଗ୍ରା- ନିଜର୍ଦ୍ଦା(ଲେଉଟୁରୁ)
		୭୮୩	ରେଗଡ଼ଖାଲ	ସାଧାରଣ ଯୋଗାଯୋଗ-୧	୦.୦୯୦	ସୁଦାମ ପ୍ରିୟା, ପି- ଶ୍ରୀଧର ପ୍ରିୟା, ଗ୍ରା- ନିଜର୍ଦ୍ଦା(ଲେଉଟୁରୁ)
		୬୯୮୮	ରେଗଡ଼ଖାଲ	ସାଧାରଣ ଯୋଗାଯୋଗ-୧	୦.୦୨୦	ସୁରେଖା ପ୍ରିୟା, ସ୍ୱା- ଗୋପାଳ ପ୍ରିୟା, ଗ୍ରା- ନିଜର୍ଦ୍ଦା(ଲେଉଟୁରୁ)
		୬୯୪୩	ରେଗଡ଼ଖାଲ	ସାଧାରଣ ଯୋଗାଯୋଗ-୧	୦.୦୬୦	ସୁଲୋଚନା କୁମାରୀ, ବନଜା କୁମାରୀ, ପି- ଗୋଲୋକ ପ୍ରିୟା, ଗ୍ରା- ନିଜର୍ଦ୍ଦା(ଲେଉଟୁରୁ)
	ଜଳକା	୪୪୮୭	ରେଗଡ଼ଖାଲ	ସାଧାରଣ ଯୋଗ-୧	୦.୧୦୦	ସୁରେନ୍ଦ୍ର କୁମାର ପ୍ରିୟା, ପି- ବିଶ୍ୱନାଥ କୁମାର ପ୍ରିୟା, ସ୍ୱା- ବିଶ୍ୱନାଥ ପ୍ରିୟା, ଗ୍ରା- ନିଜର୍ଦ୍ଦା(ଲେଉଟୁରୁ)
	ଜଳକା	୪୪୩୮	ରେଗଡ଼ଖାଲ	ସାଧାରଣ ଯୋଗ-୩	୦.୦୬୦	ରୁକ୍ମିଣୀ ଗୁରୁ, ପି- ନୀଳାମ୍ବର ଗୁରୁ, ଗ୍ରା- ନିଜର୍ଦ୍ଦା
	ଜଳକା	୩୬୧୩	ରେଗଡ଼ଖାଲ	ସାଧାରଣ ଯୋଗ-୧	୦.୦୯୦	ରମେଶ ଗୁରୁ, ପି- ଶ୍ରୀଧର ଗୁରୁ, ଗ୍ରା- ନିଜର୍ଦ୍ଦା (ଗୁଡ଼ିଆରୀ)
	ଜଳକା	୩୬୩୪	ରେଗଡ଼ଖାଲ	ସାଧାରଣ ଯୋଗ-୧	୦.୦୫୦	ଶ୍ରୀଧର ନାୟକ, ପି- ଦାମୋଦର ନାୟକ, ଗ୍ରା- ନିଜର୍ଦ୍ଦା
		୩୬୪୩	ରେଗଡ଼ଖାଲ	ସାଧାରଣ ଯୋଗ-୧	୦.୦୪୦	ଗୁରୁବାରୀ ଦେଈ, ସ୍ୱା- ଦୁଃଖିଶ୍ୟାମ ନାୟକ, ଗ୍ରା- ନିଜର୍ଦ୍ଦା
		୩୬୪୮	ରେଗଡ଼ଖାଲ	ସାଧାରଣ ଯୋଗ-୧	୦.୦୪୦	ଗୋବିନ୍ଦ ନାୟକ, ପି- ଦାମୋଦର ନାୟକ, ଗ୍ରା- ନିଜର୍ଦ୍ଦା
	ଜଳକା	୬୧୭୮	ରେଗଡ଼ଖାଲ	ସାଧାରଣ-୩	୦.୦୮୦	ମଧୁସ୍ମିତା ସାହୁ, ସ୍ୱା- ସୁଧାଂଶୁ ସାହୁ, ଗ୍ରା- ନିଜର୍ଦ୍ଦା
	ଜଳକା	୬୧୭୩	ରେଗଡ଼ଖାଲ	ସାଧାରଣ ଯୋଗାଯୋଗ-୧	୦.୦୨୦	ମଧୁସ୍ମିତା ସାହୁ, ସ୍ୱା- ସୁଧାଂଶୁ ସାହୁ, ଗ୍ରା- ନିଜର୍ଦ୍ଦା
	ଜଳକା	୮୮୦୩	ରେଗଡ଼ଖାଲ	ସାଧାରଣ ଯୋଗାଯୋଗ-୧	୦.୦୨୦	ରଘୁନାଥ ସାହୁ, ପି- ଗୋବିନ୍ଦ ସାହୁ, ଗ୍ରା- ନିଜର୍ଦ୍ଦା
	ଜଳକା	୮୮୭	ରେଗଡ଼ଖାଲ	ଝାଡ଼ି	୦.୦୬୦	ଶ୍ରୀଧର ସାହୁ, ପି- ଗୋବିନ୍ଦ ସାହୁ, ଗ୍ରା- ନିଜର୍ଦ୍ଦା(ଲେଉଟୁରୁ)
	ଜଳକା	୮୮୮	ରେଗଡ଼ଖାଲ	ଘର	୦.୦୨୦	ଶ୍ରୀମତୀ ଦେଈ, ସ୍ୱା- ଗୋବିନ୍ଦ ସାହୁ, ଗ୍ରା- ନିଜର୍ଦ୍ଦା, ଗ୍ରା- ନିଜର୍ଦ୍ଦା
	ଜଳକା	୮୮୩	ରେଗଡ଼ଖାଲ	ଅଣି	୦.୦୭୦	ଗ- ଦୁଃଖିଶ୍ୟାମ ସାହୁ, ମୁକ୍ତା ସାହୁ, ମଧୁ ସାହୁ, ପି- ନୀଳାମ୍ବର ସାହୁ, ଗ୍ରା- ନିଜର୍ଦ୍ଦା
	ଜଳକା	୮୮୭	ରେଗଡ଼ଖାଲ	ବଣ-୧	୦.୦୪୦	ଶ୍ରୀ ନିବାସ ସାହୁ, ପି- ରାମଚନ୍ଦ୍ର ସାହୁ, ଗ୍ରା- ନିଜର୍ଦ୍ଦା(ଲେଉଟୁରୁ)
	ଜଳକା	୪୩୪୩	ରେଗଡ଼ଖାଲ	ସାଧାରଣ ଯୋଗାଯୋଗ-୧	୦.୧୫୦	ଶ୍ରୀ ନିବାସ ସାହୁ, ପି- ରାମଚନ୍ଦ୍ର ସାହୁ, ଗ୍ରା- ନିଜର୍ଦ୍ଦା
(See Next Page)
